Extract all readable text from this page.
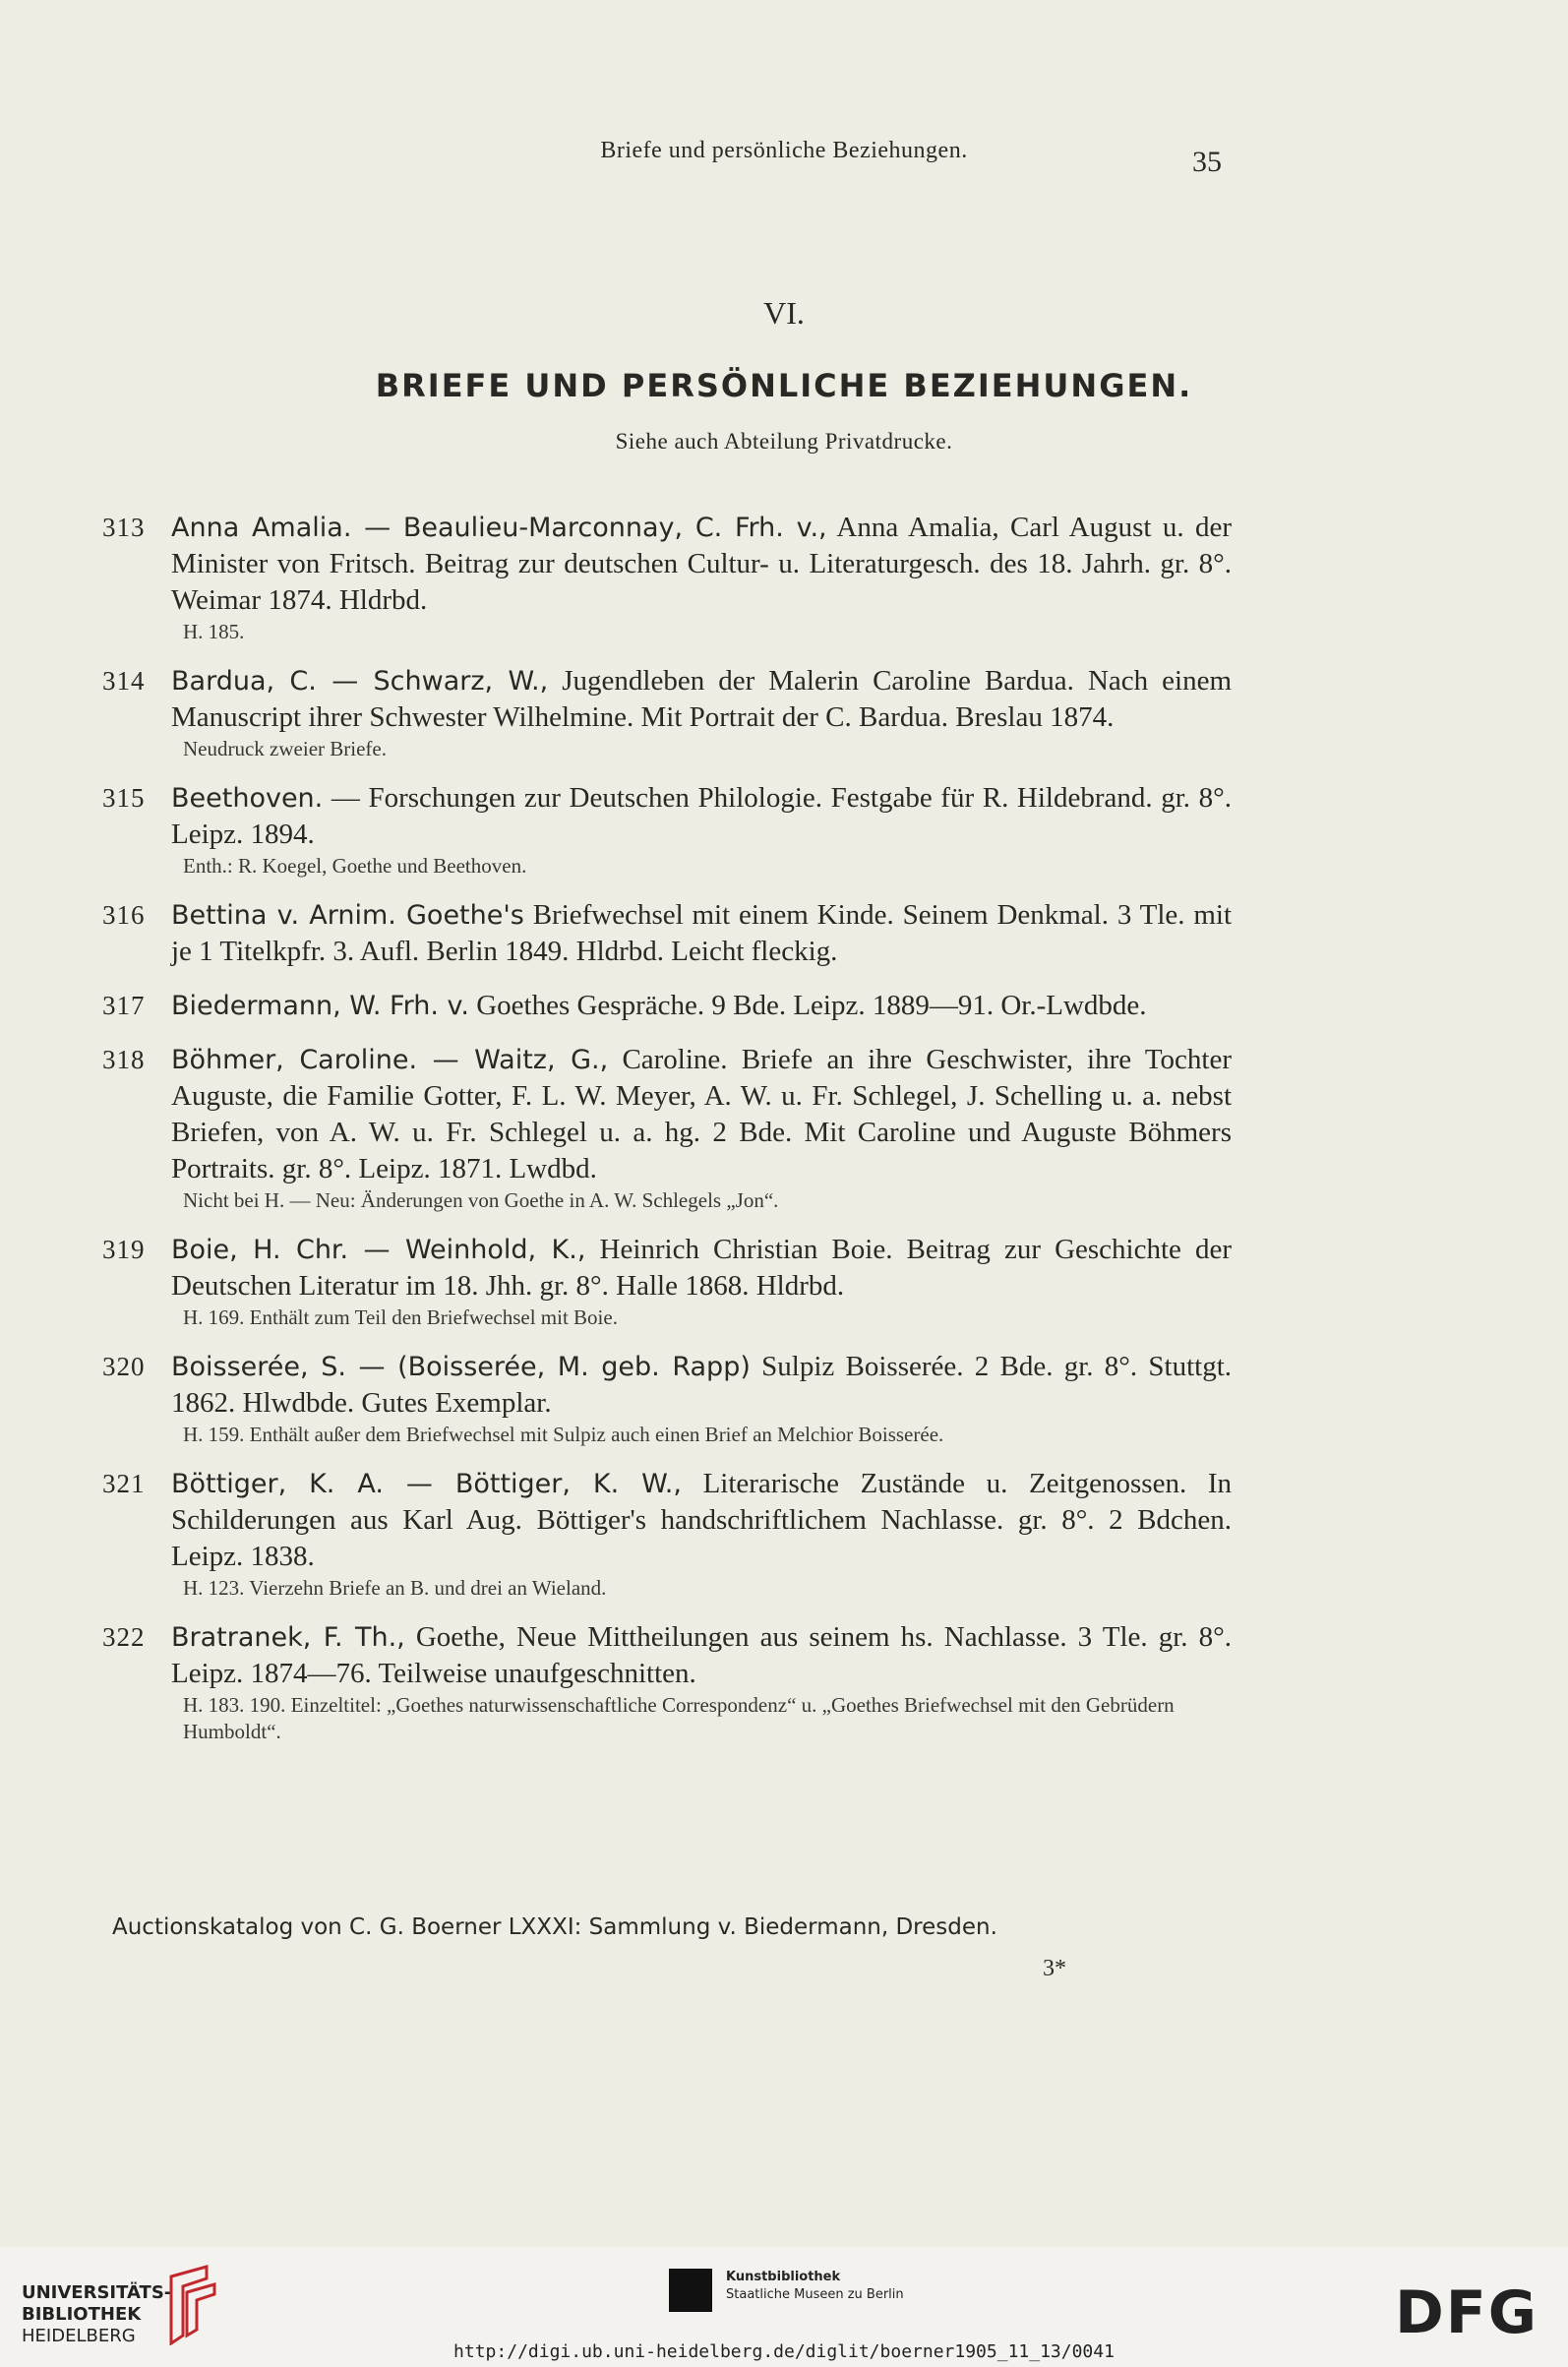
Briefe und persönliche Beziehungen.	35
VI.
BRIEFE UND PERSÖNLICHE BEZIEHUNGEN.
Siehe auch Abteilung Privatdrucke.
313 Anna Amalia. — Beaulieu-Marconnay, C. Frh. v., Anna Amalia, Carl August u. der Minister von Fritsch. Beitrag zur deutschen Cultur- u. Literaturgesch. des 18. Jahrh. gr. 8°. Weimar 1874. Hldrbd.
H. 185.
314 Bardua, C. — Schwarz, W., Jugendleben der Malerin Caroline Bardua. Nach einem Manuscript ihrer Schwester Wilhelmine. Mit Portrait der C. Bardua. Breslau 1874.
Neudruck zweier Briefe.
315 Beethoven. — Forschungen zur Deutschen Philologie. Festgabe für R. Hildebrand. gr. 8°. Leipz. 1894.
Enth.: R. Koegel, Goethe und Beethoven.
316 Bettina v. Arnim. Goethe's Briefwechsel mit einem Kinde. Seinem Denkmal. 3 Tle. mit je 1 Titelkpfr. 3. Aufl. Berlin 1849. Hldrbd. Leicht fleckig.
317 Biedermann, W. Frh. v. Goethes Gespräche. 9 Bde. Leipz. 1889—91. Or.-Lwdbde.
318 Böhmer, Caroline. — Waitz, G., Caroline. Briefe an ihre Geschwister, ihre Tochter Auguste, die Familie Gotter, F. L. W. Meyer, A. W. u. Fr. Schlegel, J. Schelling u. a. nebst Briefen, von A. W. u. Fr. Schlegel u. a. hg. 2 Bde. Mit Caroline und Auguste Böhmers Portraits. gr. 8°. Leipz. 1871. Lwdbd.
Nicht bei H. — Neu: Änderungen von Goethe in A. W. Schlegels „Jon“.
319 Boie, H. Chr. — Weinhold, K., Heinrich Christian Boie. Beitrag zur Geschichte der Deutschen Literatur im 18. Jhh. gr. 8°. Halle 1868. Hldrbd.
H. 169. Enthält zum Teil den Briefwechsel mit Boie.
320 Boisserée, S. — (Boisserée, M. geb. Rapp) Sulpiz Boisserée. 2 Bde. gr. 8°. Stuttgt. 1862. Hlwdbde. Gutes Exemplar.
H. 159. Enthält außer dem Briefwechsel mit Sulpiz auch einen Brief an Melchior Boisserée.
321 Böttiger, K. A. — Böttiger, K. W., Literarische Zustände u. Zeitgenossen. In Schilderungen aus Karl Aug. Böttiger's handschriftlichem Nachlasse. gr. 8°. 2 Bdchen. Leipz. 1838.
H. 123. Vierzehn Briefe an B. und drei an Wieland.
322 Bratranek, F. Th., Goethe, Neue Mittheilungen aus seinem hs. Nachlasse. 3 Tle. gr. 8°. Leipz. 1874—76. Teilweise unaufgeschnitten.
H. 183. 190. Einzeltitel: „Goethes naturwissenschaftliche Correspondenz“ u. „Goethes Briefwechsel mit den Gebrüdern Humboldt“.
Auctionskatalog von C. G. Boerner LXXXI: Sammlung v. Biedermann, Dresden.
3*
UNIVERSITÄTS-
BIBLIOTHEK
HEIDELBERG
Kunstbibliothek
Staatliche Museen zu Berlin	DFG
http://digi.ub.uni-heidelberg.de/diglit/boerner1905_11_13/0041
